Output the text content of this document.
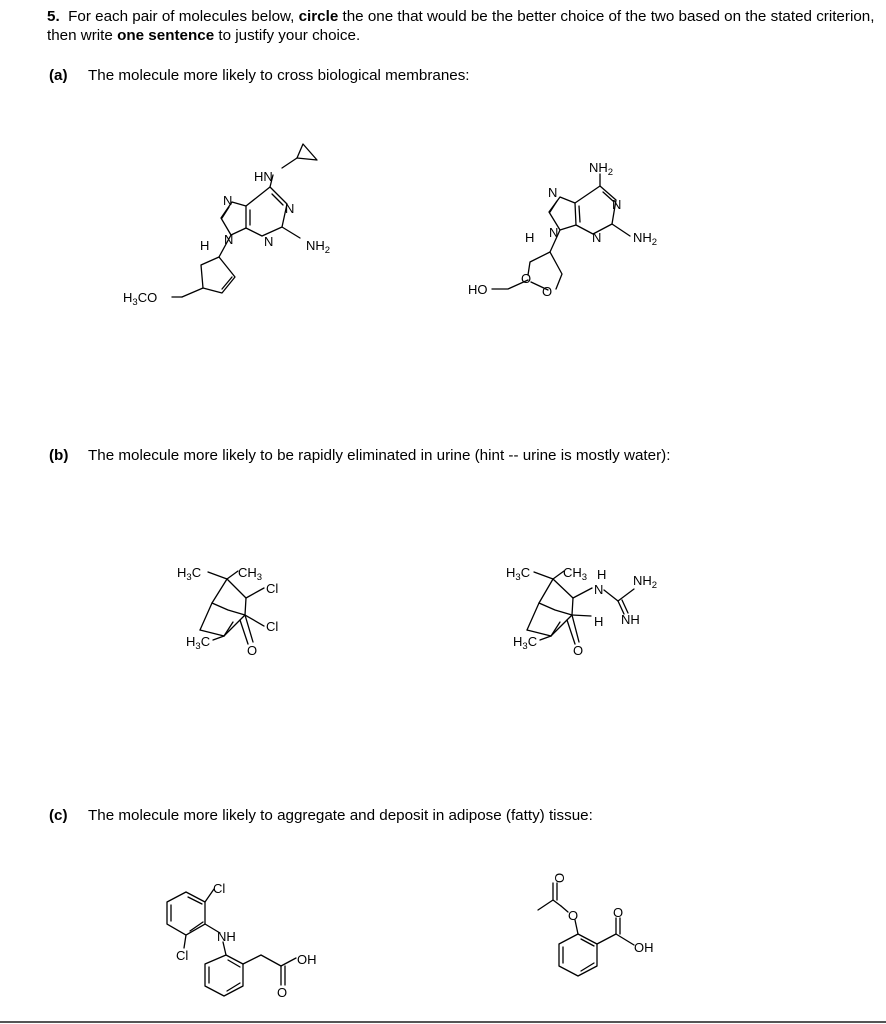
5. For each pair of molecules below, circle the one that would be the better choice of the two based on the stated criterion, then write one sentence to justify your choice.
(a) The molecule more likely to cross biological membranes:
(b) The molecule more likely to be rapidly eliminated in urine (hint -- urine is mostly water):
(c) The molecule more likely to aggregate and deposit in adipose (fatty) tissue:
HN
N
N
N
N
H	$NH_2$
$H_3CO$
$NH_2$
N
N
N
N
H	$NH_2$
O
O
HO
$H_3C$	$CH_3$
Cl
Cl
$H_3C$
O
$H_3C$	$CH_3$ H
N
$NH_2$
H NH
$H_3C$
O
Cl
Cl
NH
OH
O
O
O	O
OH
